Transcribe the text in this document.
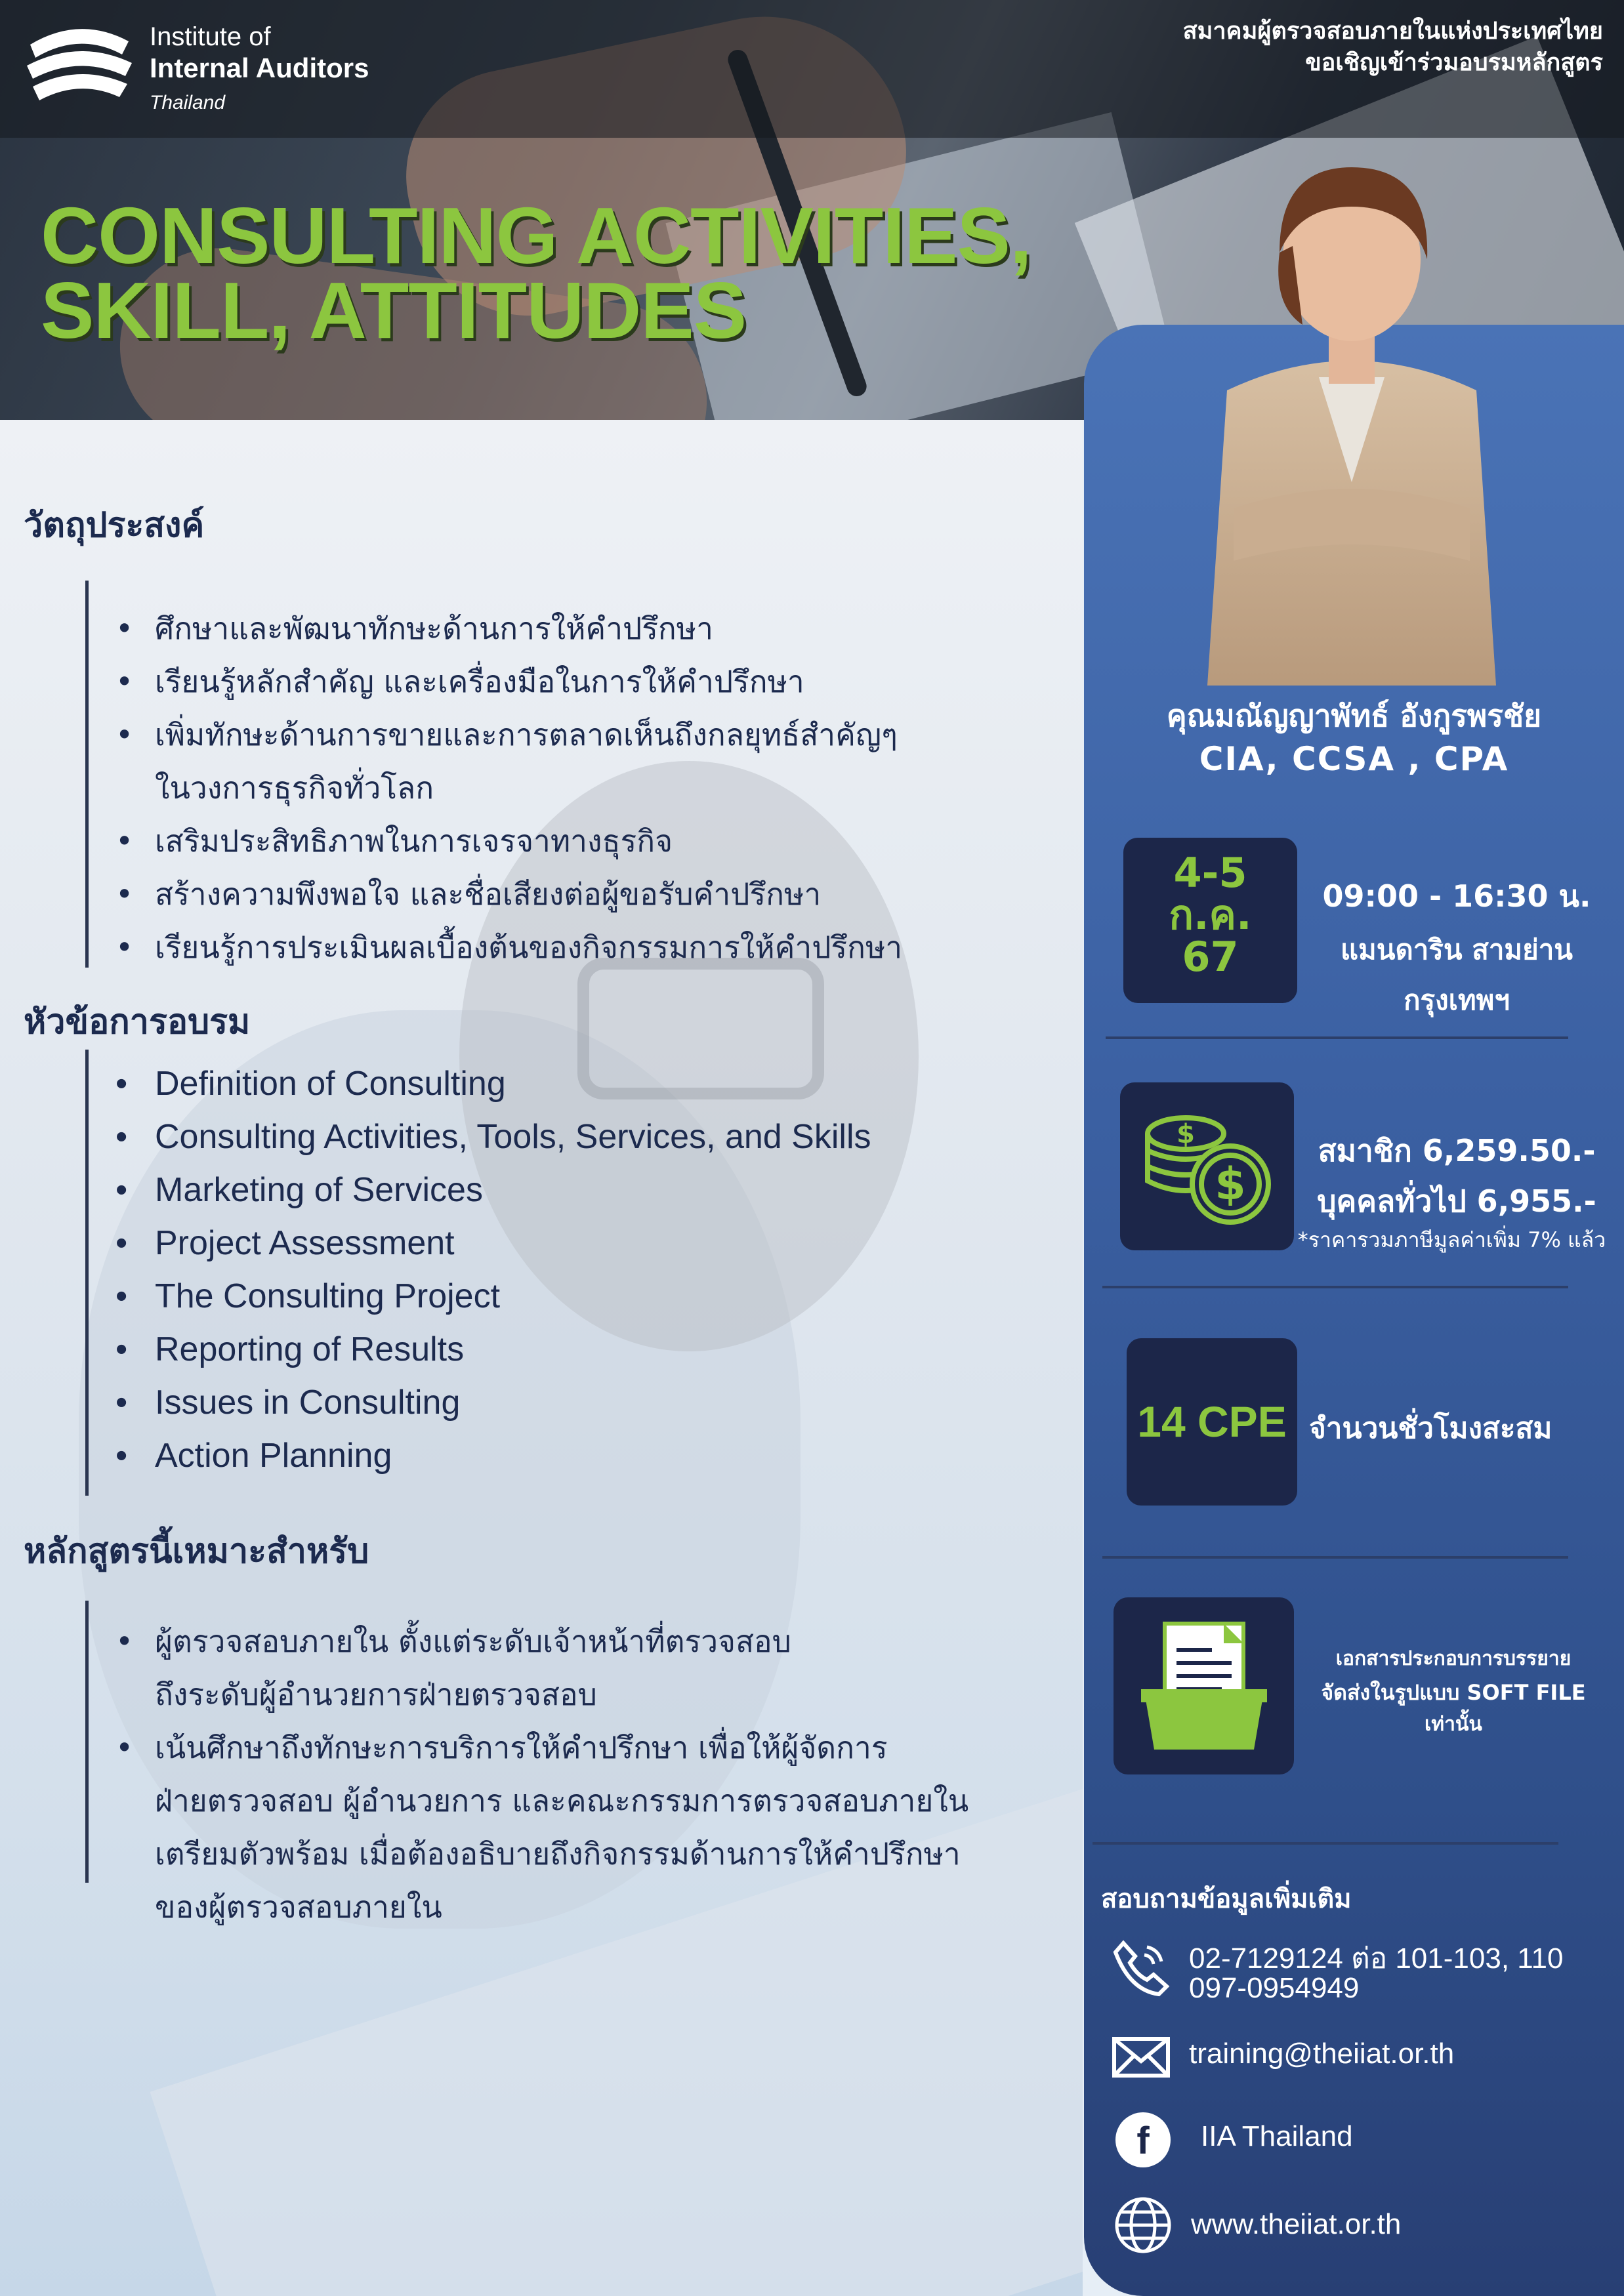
Institute of
Internal Auditors
Thailand
สมาคมผู้ตรวจสอบภายในแห่งประเทศไทย
ขอเชิญเข้าร่วมอบรมหลักสูตร
CONSULTING ACTIVITIES,
SKILL, ATTITUDES
วัตถุประสงค์
• ศึกษาและพัฒนาทักษะด้านการให้คำปรึกษา
• เรียนรู้หลักสำคัญ และเครื่องมือในการให้คำปรึกษา
• เพิ่มทักษะด้านการขายและการตลาดเห็นถึงกลยุทธ์สำคัญๆ
ในวงการธุรกิจทั่วโลก
• เสริมประสิทธิภาพในการเจรจาทางธุรกิจ
• สร้างความพึงพอใจ และชื่อเสียงต่อผู้ขอรับคำปรึกษา
• เรียนรู้การประเมินผลเบื้องต้นของกิจกรรมการให้คำปรึกษา
หัวข้อการอบรม
• Definition of Consulting
• Consulting Activities, Tools, Services, and Skills
• Marketing of Services
• Project Assessment
• The Consulting Project
• Reporting of Results
• Issues in Consulting
• Action Planning
หลักสูตรนี้เหมาะสำหรับ
• ผู้ตรวจสอบภายใน ตั้งแต่ระดับเจ้าหน้าที่ตรวจสอบ
ถึงระดับผู้อำนวยการฝ่ายตรวจสอบ
• เน้นศึกษาถึงทักษะการบริการให้คำปรึกษา เพื่อให้ผู้จัดการ
ฝ่ายตรวจสอบ ผู้อำนวยการ และคณะกรรมการตรวจสอบภายใน
เตรียมตัวพร้อม เมื่อต้องอธิบายถึงกิจกรรมด้านการให้คำปรึกษา
ของผู้ตรวจสอบภายใน
คุณมณัญญาพัทธ์ อังกูรพรชัย
CIA, CCSA , CPA
4-5
ก.ค.
67
09:00 - 16:30 น.
แมนดาริน สามย่าน
กรุงเทพฯ
$
$	สมาชิก 6,259.50.-
บุคคลทั่วไป 6,955.-
*ราคารวมภาษีมูลค่าเพิ่ม 7% แล้ว
14 CPE จำนวนชั่วโมงสะสม
เอกสารประกอบการบรรยาย
จัดส่งในรูปแบบ SOFT FILE
เท่านั้น
สอบถามข้อมูลเพิ่มเติม
02-7129124 ต่อ 101-103, 110
097-0954949
training@theiiat.or.th
f IIA Thailand
www.theiiat.or.th
